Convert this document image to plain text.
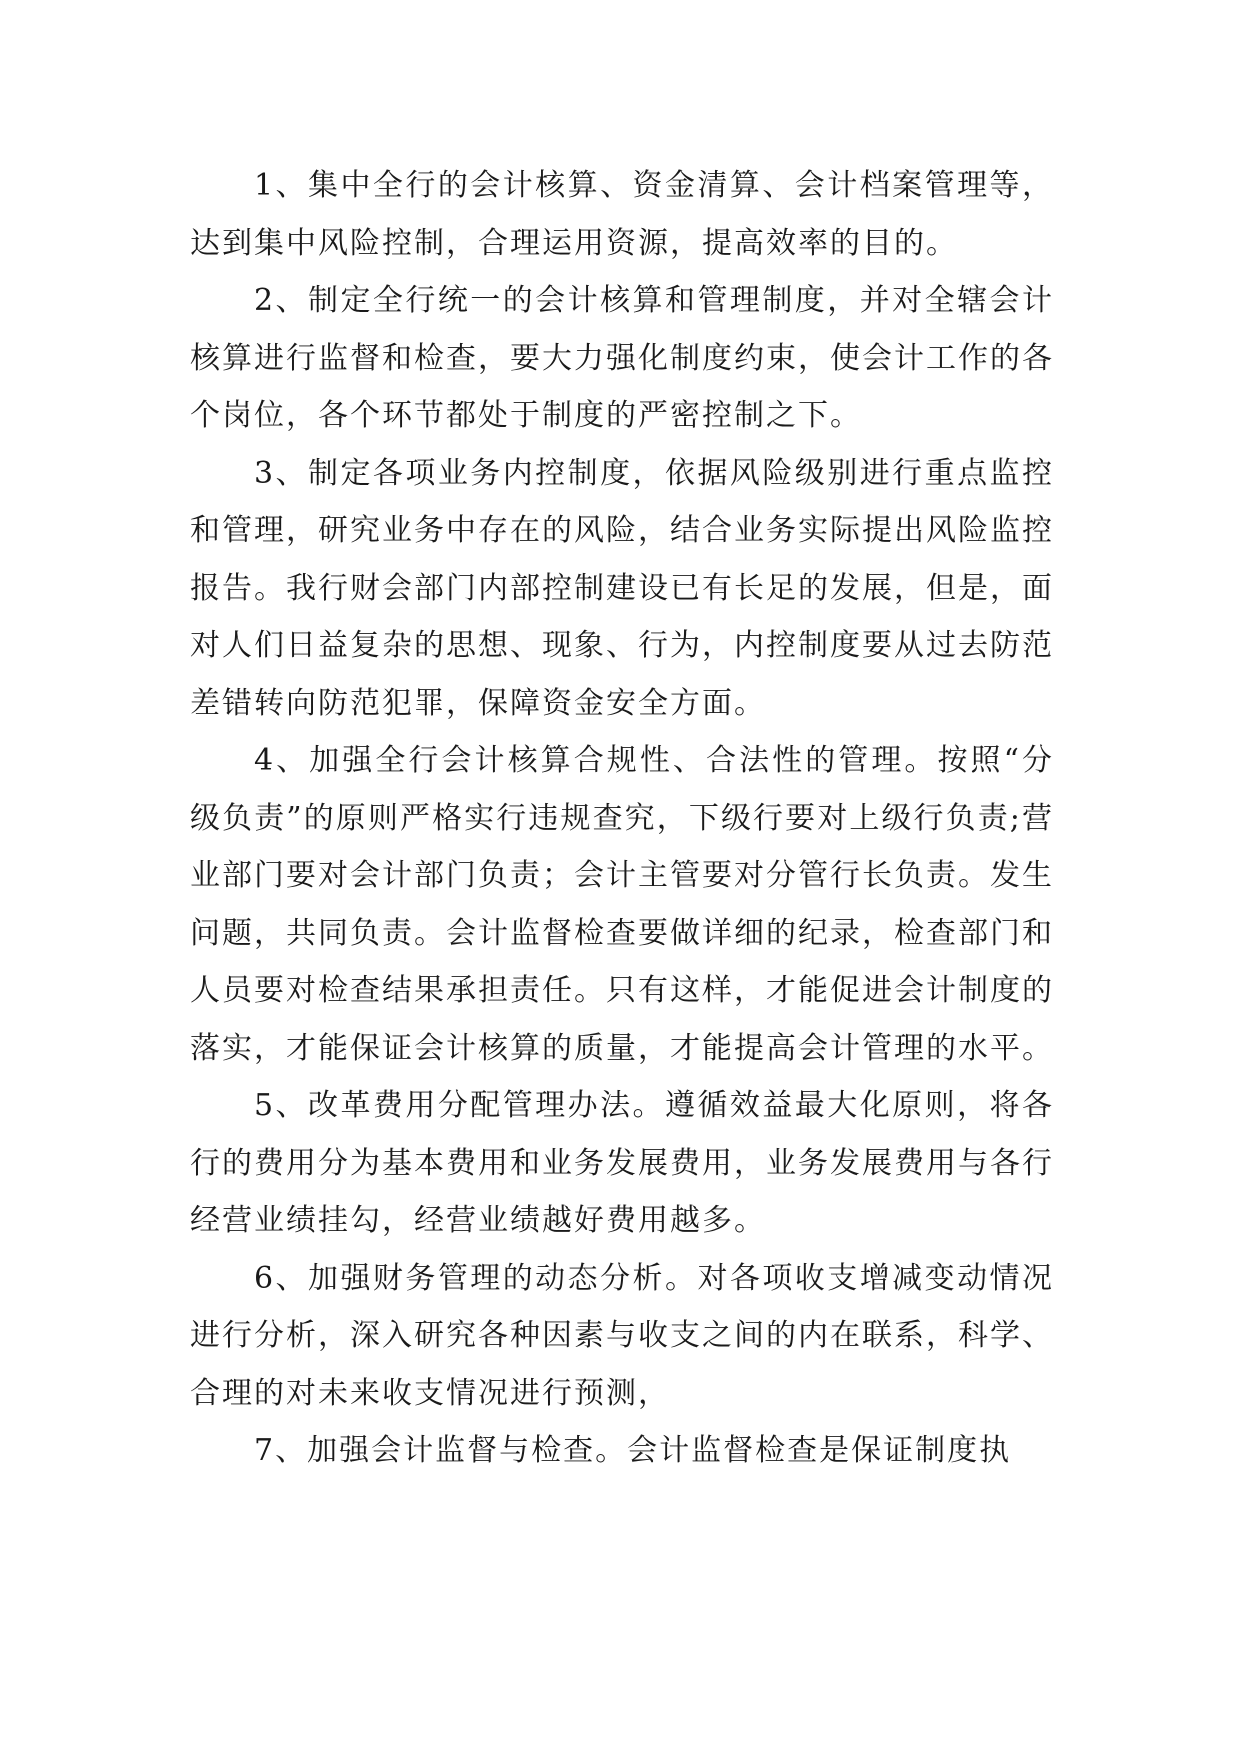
1、集中全行的会计核算、资金清算、会计档案管理等，达到集中风险控制，合理运用资源，提高效率的目的。

2、制定全行统一的会计核算和管理制度，并对全辖会计核算进行监督和检查，要大力强化制度约束，使会计工作的各个岗位，各个环节都处于制度的严密控制之下。

3、制定各项业务内控制度，依据风险级别进行重点监控和管理，研究业务中存在的风险，结合业务实际提出风险监控报告。我行财会部门内部控制建设已有长足的发展，但是，面对人们日益复杂的思想、现象、行为，内控制度要从过去防范差错转向防范犯罪，保障资金安全方面。

4、加强全行会计核算合规性、合法性的管理。按照“分级负责”的原则严格实行违规查究，下级行要对上级行负责;营业部门要对会计部门负责；会计主管要对分管行长负责。发生问题，共同负责。会计监督检查要做详细的纪录，检查部门和人员要对检查结果承担责任。只有这样，才能促进会计制度的落实，才能保证会计核算的质量，才能提高会计管理的水平。

5、改革费用分配管理办法。遵循效益最大化原则，将各行的费用分为基本费用和业务发展费用，业务发展费用与各行经营业绩挂勾，经营业绩越好费用越多。

6、加强财务管理的动态分析。对各项收支增减变动情况进行分析，深入研究各种因素与收支之间的内在联系，科学、合理的对未来收支情况进行预测，

7、加强会计监督与检查。会计监督检查是保证制度执
